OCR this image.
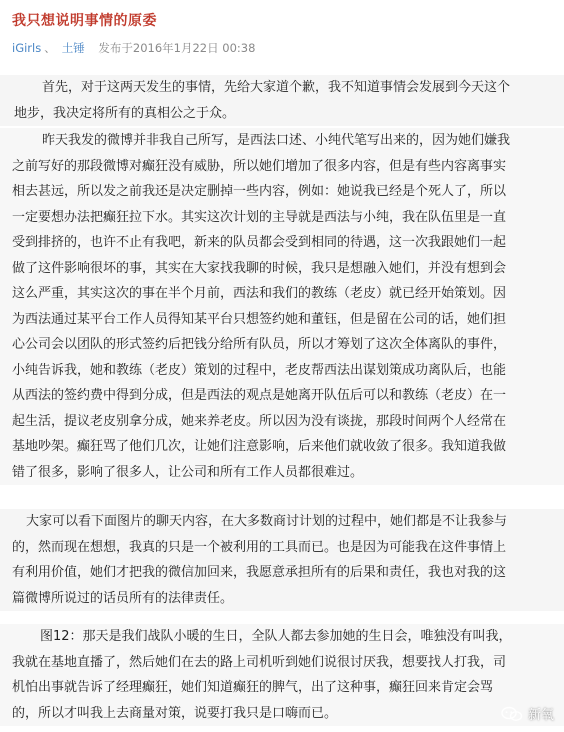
我只想说明事情的原委
iGirls 、 土锤 发布于2016年1月22日 00:38
首先，对于这两天发生的事情，先给大家道个歉，我不知道事情会发展到今天这个
地步，我决定将所有的真相公之于众。
昨天我发的微博并非我自己所写，是西法口述、小纯代笔写出来的，因为她们嫌我
之前写好的那段微博对癫狂没有威胁，所以她们增加了很多内容，但是有些内容离事实
相去甚远，所以发之前我还是决定删掉一些内容，例如：她说我已经是个死人了，所以
一定要想办法把癫狂拉下水。其实这次计划的主导就是西法与小纯，我在队伍里是一直
受到排挤的，也许不止有我吧，新来的队员都会受到相同的待遇，这一次我跟她们一起
做了这件影响很坏的事，其实在大家找我聊的时候，我只是想融入她们，并没有想到会
这么严重，其实这次的事在半个月前，西法和我们的教练（老皮）就已经开始策划。因
为西法通过某平台工作人员得知某平台只想签约她和董钰，但是留在公司的话，她们担
心公司会以团队的形式签约后把钱分给所有队员，所以才筹划了这次全体离队的事件，
小纯告诉我，她和教练（老皮）策划的过程中，老皮帮西法出谋划策成功离队后，也能
从西法的签约费中得到分成，但是西法的观点是她离开队伍后可以和教练（老皮）在一
起生活，提议老皮别拿分成，她来养老皮。所以因为没有谈拢，那段时间两个人经常在
基地吵架。癫狂骂了他们几次，让她们注意影响，后来他们就收敛了很多。我知道我做
错了很多，影响了很多人，让公司和所有工作人员都很难过。
大家可以看下面图片的聊天内容，在大多数商讨计划的过程中，她们都是不让我参与
的，然而现在想想，我真的只是一个被利用的工具而已。也是因为可能我在这件事情上
有利用价值，她们才把我的微信加回来，我愿意承担所有的后果和责任，我也对我的这
篇微博所说过的话员所有的法律责任。
图12：那天是我们战队小暖的生日，全队人都去参加她的生日会，唯独没有叫我，
我就在基地直播了，然后她们在去的路上司机听到她们说很讨厌我，想要找人打我，司
机怕出事就告诉了经理癫狂，她们知道癫狂的脾气，出了这种事，癫狂回来肯定会骂
的，所以才叫我上去商量对策，说要打我只是口嗨而已。	新氧
